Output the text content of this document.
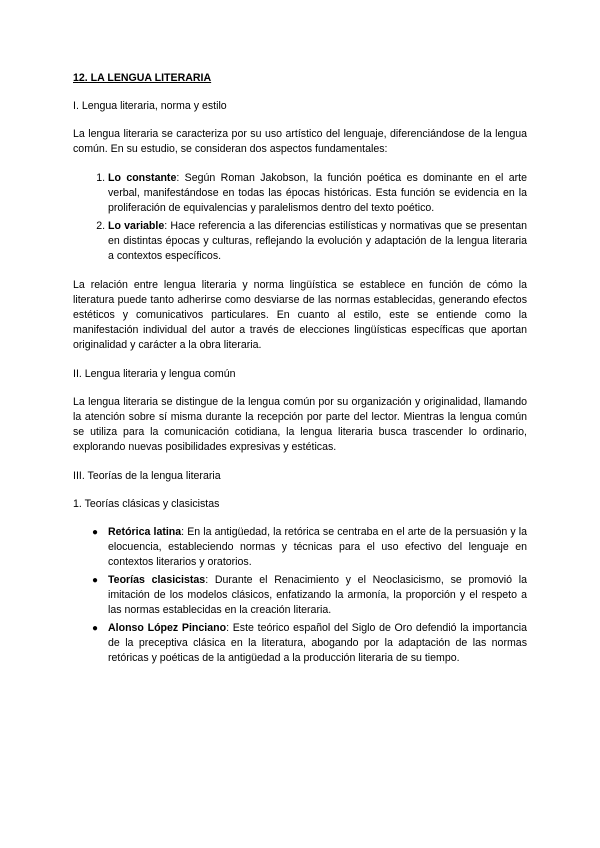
12. LA LENGUA LITERARIA

I. Lengua literaria, norma y estilo

La lengua literaria se caracteriza por su uso artístico del lenguaje, diferenciándose de la lengua común. En su estudio, se consideran dos aspectos fundamentales:

1. Lo constante: Según Roman Jakobson, la función poética es dominante en el arte verbal, manifestándose en todas las épocas históricas. Esta función se evidencia en la proliferación de equivalencias y paralelismos dentro del texto poético.
2. Lo variable: Hace referencia a las diferencias estilísticas y normativas que se presentan en distintas épocas y culturas, reflejando la evolución y adaptación de la lengua literaria a contextos específicos.

La relación entre lengua literaria y norma lingüística se establece en función de cómo la literatura puede tanto adherirse como desviarse de las normas establecidas, generando efectos estéticos y comunicativos particulares. En cuanto al estilo, este se entiende como la manifestación individual del autor a través de elecciones lingüísticas específicas que aportan originalidad y carácter a la obra literaria.

II. Lengua literaria y lengua común

La lengua literaria se distingue de la lengua común por su organización y originalidad, llamando la atención sobre sí misma durante la recepción por parte del lector. Mientras la lengua común se utiliza para la comunicación cotidiana, la lengua literaria busca trascender lo ordinario, explorando nuevas posibilidades expresivas y estéticas.

III. Teorías de la lengua literaria

1. Teorías clásicas y clasicistas

● Retórica latina: En la antigüedad, la retórica se centraba en el arte de la persuasión y la elocuencia, estableciendo normas y técnicas para el uso efectivo del lenguaje en contextos literarios y oratorios.
● Teorías clasicistas: Durante el Renacimiento y el Neoclasicismo, se promovió la imitación de los modelos clásicos, enfatizando la armonía, la proporción y el respeto a las normas establecidas en la creación literaria.
● Alonso López Pinciano: Este teórico español del Siglo de Oro defendió la importancia de la preceptiva clásica en la literatura, abogando por la adaptación de las normas retóricas y poéticas de la antigüedad a la producción literaria de su tiempo.
